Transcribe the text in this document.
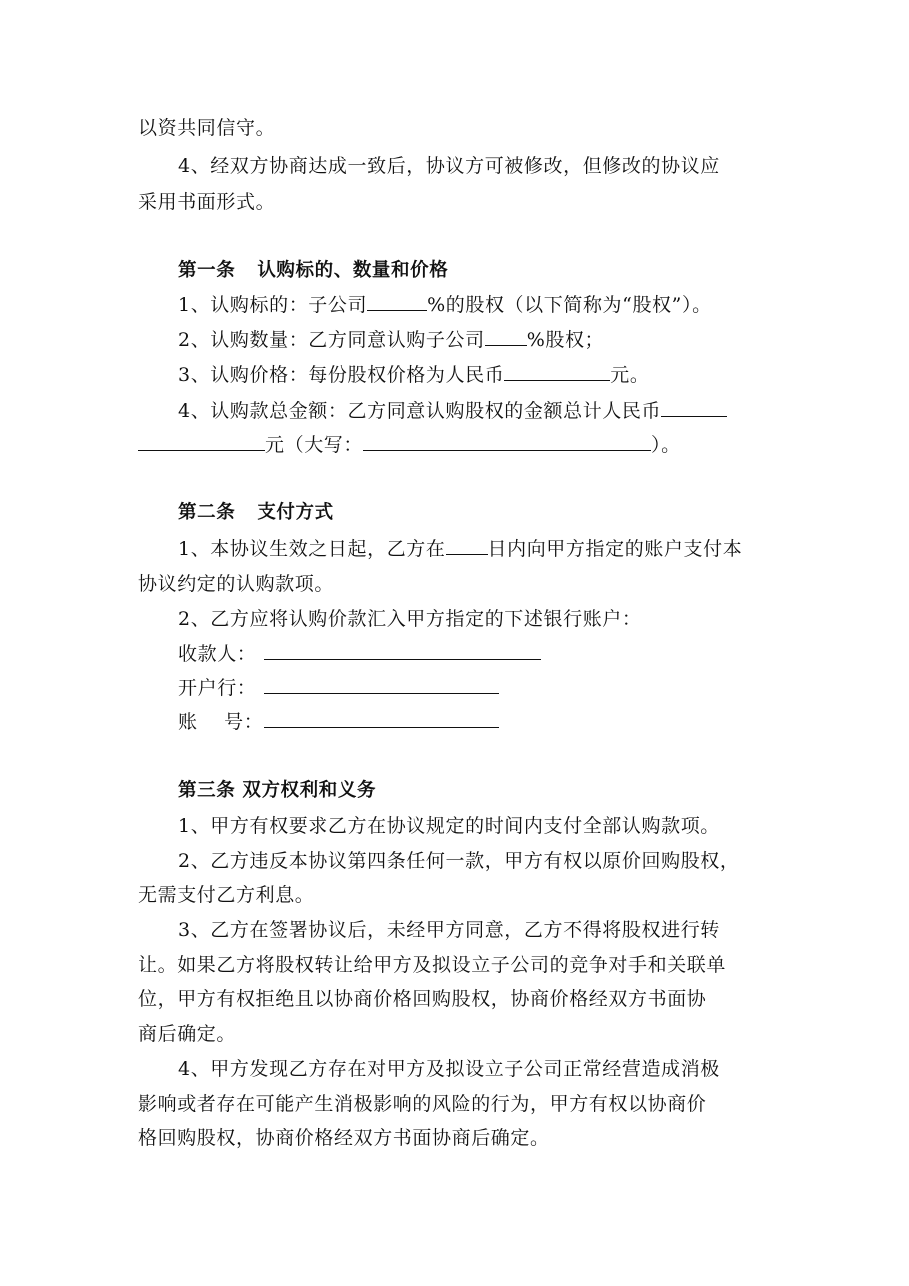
以资共同信守。
4、经双方协商达成一致后，协议方可被修改，但修改的协议应
采用书面形式。
第一条 认购标的、数量和价格
1、认购标的：子公司	%的股权（以下简称为“股权”）。
2、认购数量：乙方同意认购子公司 %股权；
3、认购价格：每份股权价格为人民币	元。
4、认购款总金额：乙方同意认购股权的金额总计人民币
元（大写：	）。
第二条 支付方式
1、本协议生效之日起，乙方在 日内向甲方指定的账户支付本
协议约定的认购款项。
2、乙方应将认购价款汇入甲方指定的下述银行账户：
收款人：
开户行：
账    号：
第三条 双方权利和义务
1、甲方有权要求乙方在协议规定的时间内支付全部认购款项。
2、乙方违反本协议第四条任何一款，甲方有权以原价回购股权，
无需支付乙方利息。
3、乙方在签署协议后，未经甲方同意，乙方不得将股权进行转
让。如果乙方将股权转让给甲方及拟设立子公司的竞争对手和关联单
位，甲方有权拒绝且以协商价格回购股权，协商价格经双方书面协
商后确定。
4、甲方发现乙方存在对甲方及拟设立子公司正常经营造成消极
影响或者存在可能产生消极影响的风险的行为，甲方有权以协商价
格回购股权，协商价格经双方书面协商后确定。
